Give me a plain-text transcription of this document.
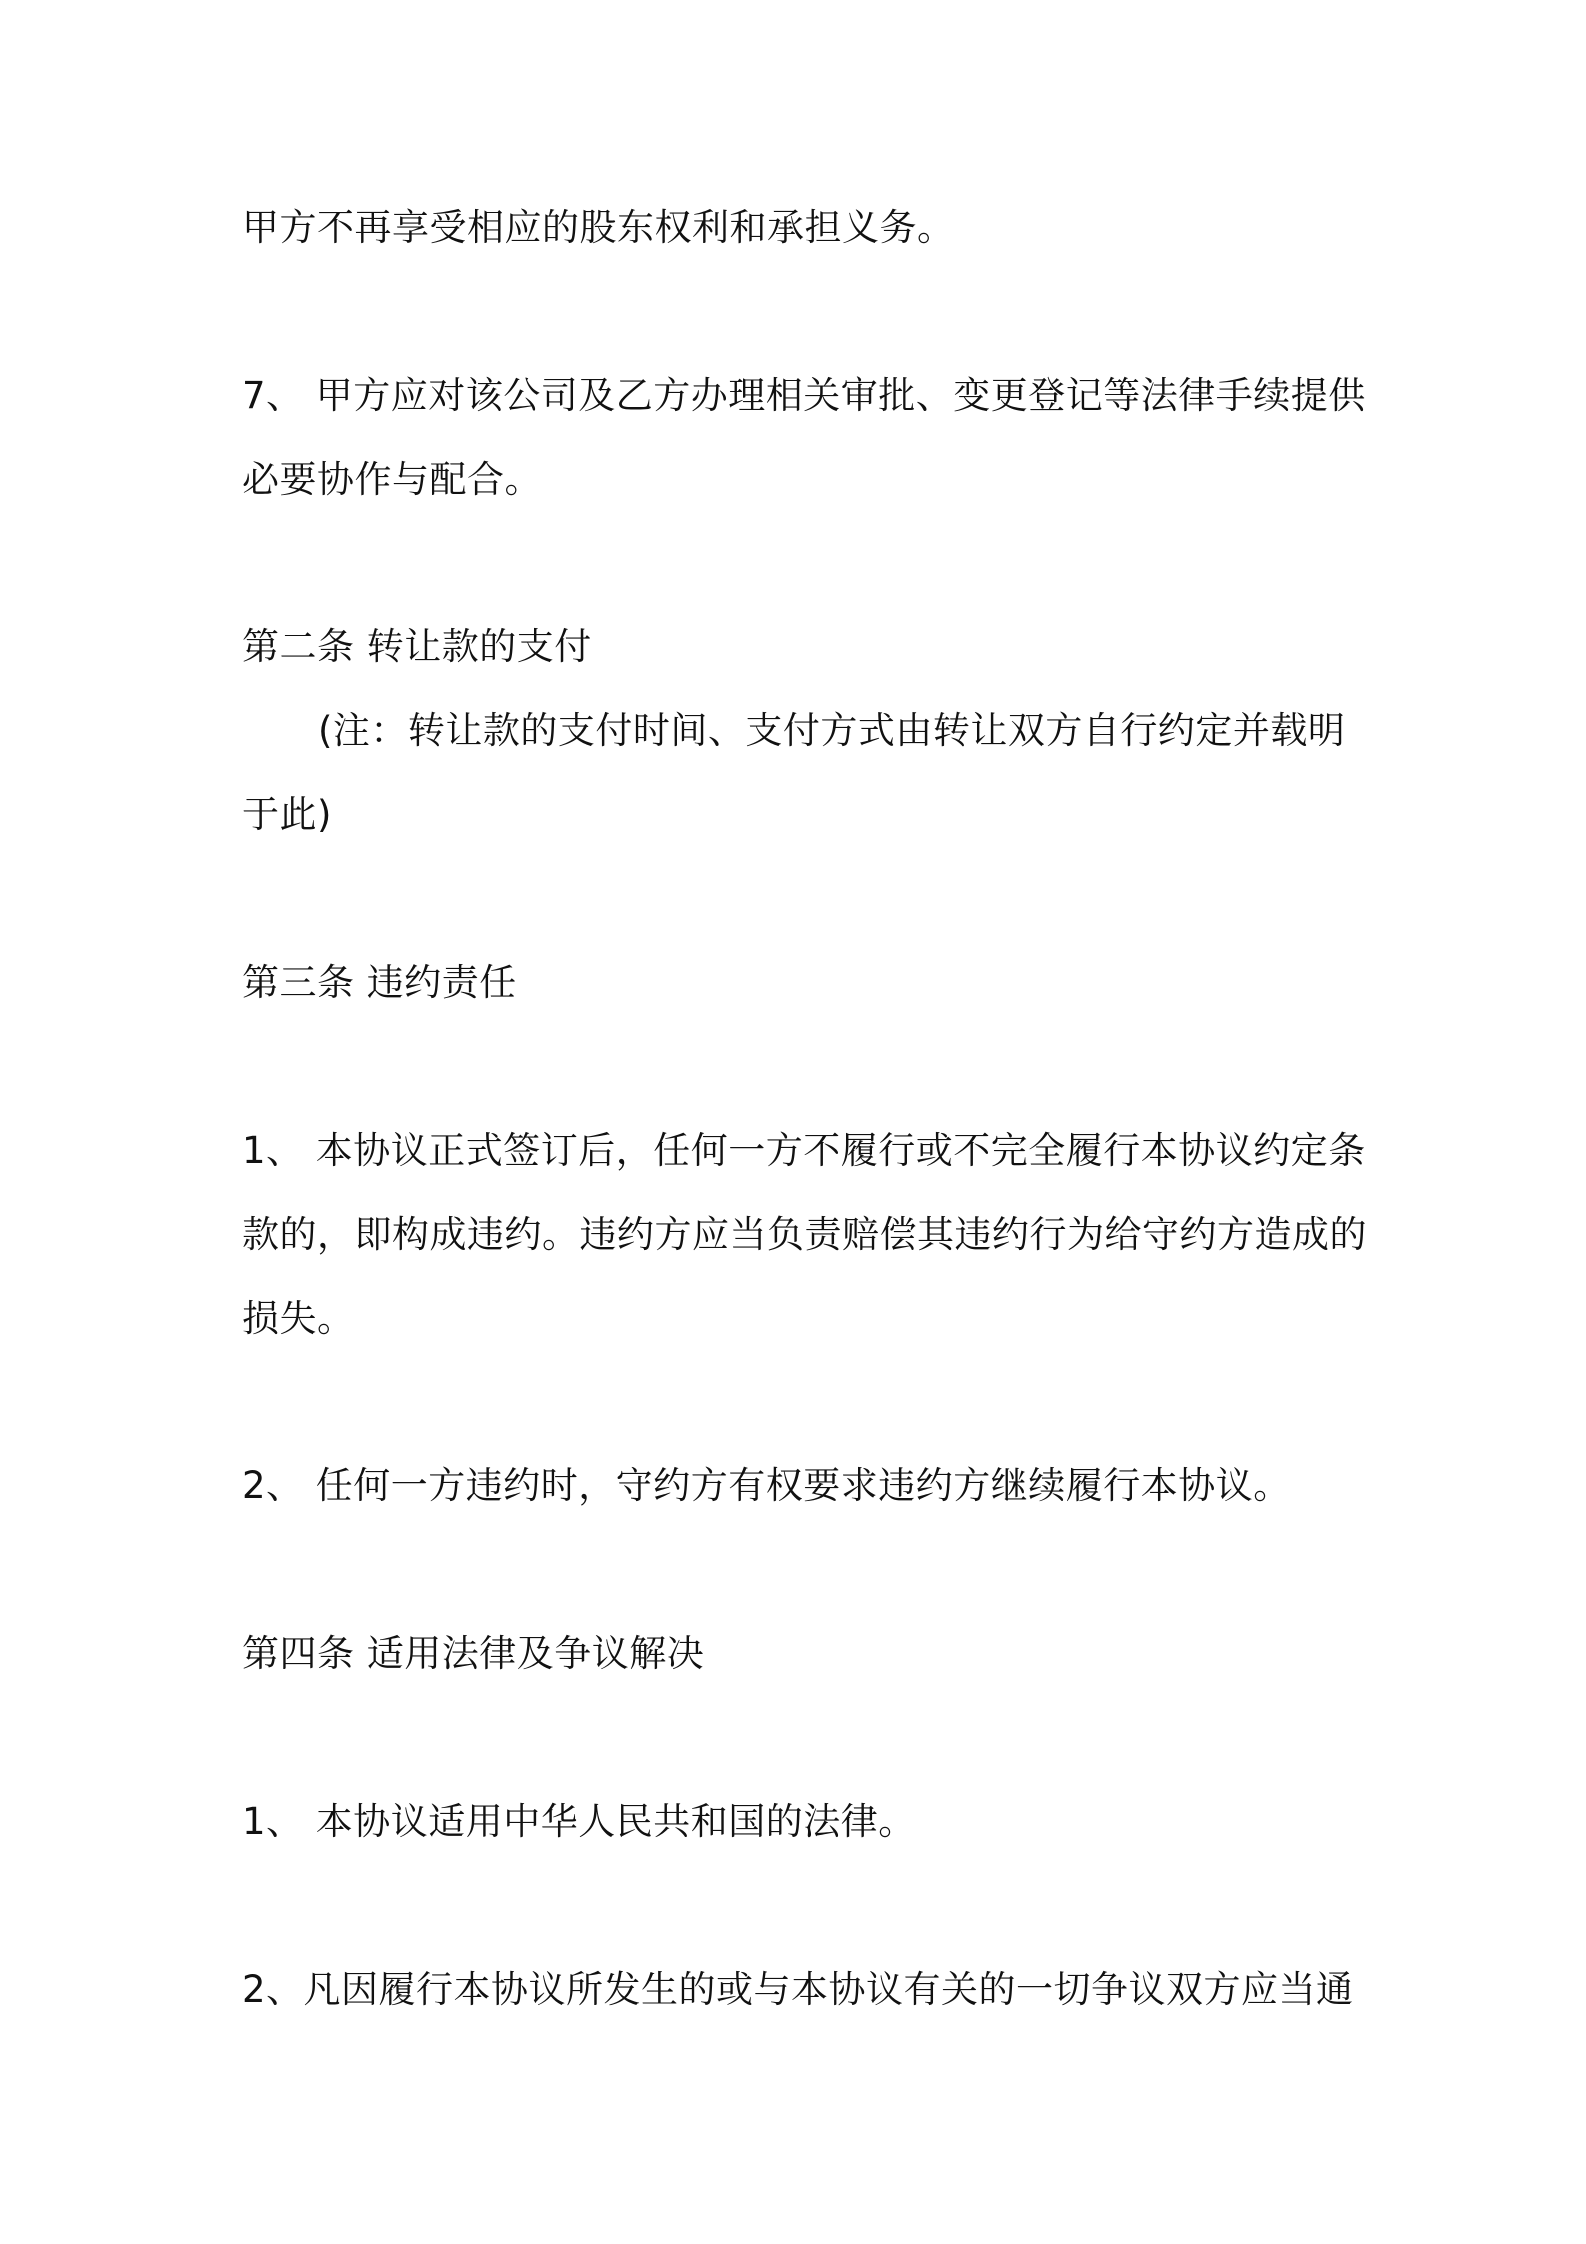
甲方不再享受相应的股东权利和承担义务。
7、 甲方应对该公司及乙方办理相关审批、变更登记等法律手续提供
必要协作与配合。
第二条 转让款的支付
(注：转让款的支付时间、支付方式由转让双方自行约定并载明
于此)
第三条 违约责任
1、 本协议正式签订后，任何一方不履行或不完全履行本协议约定条
款的，即构成违约。违约方应当负责赔偿其违约行为给守约方造成的
损失。
2、 任何一方违约时，守约方有权要求违约方继续履行本协议。
第四条 适用法律及争议解决
1、 本协议适用中华人民共和国的法律。
2、凡因履行本协议所发生的或与本协议有关的一切争议双方应当通
